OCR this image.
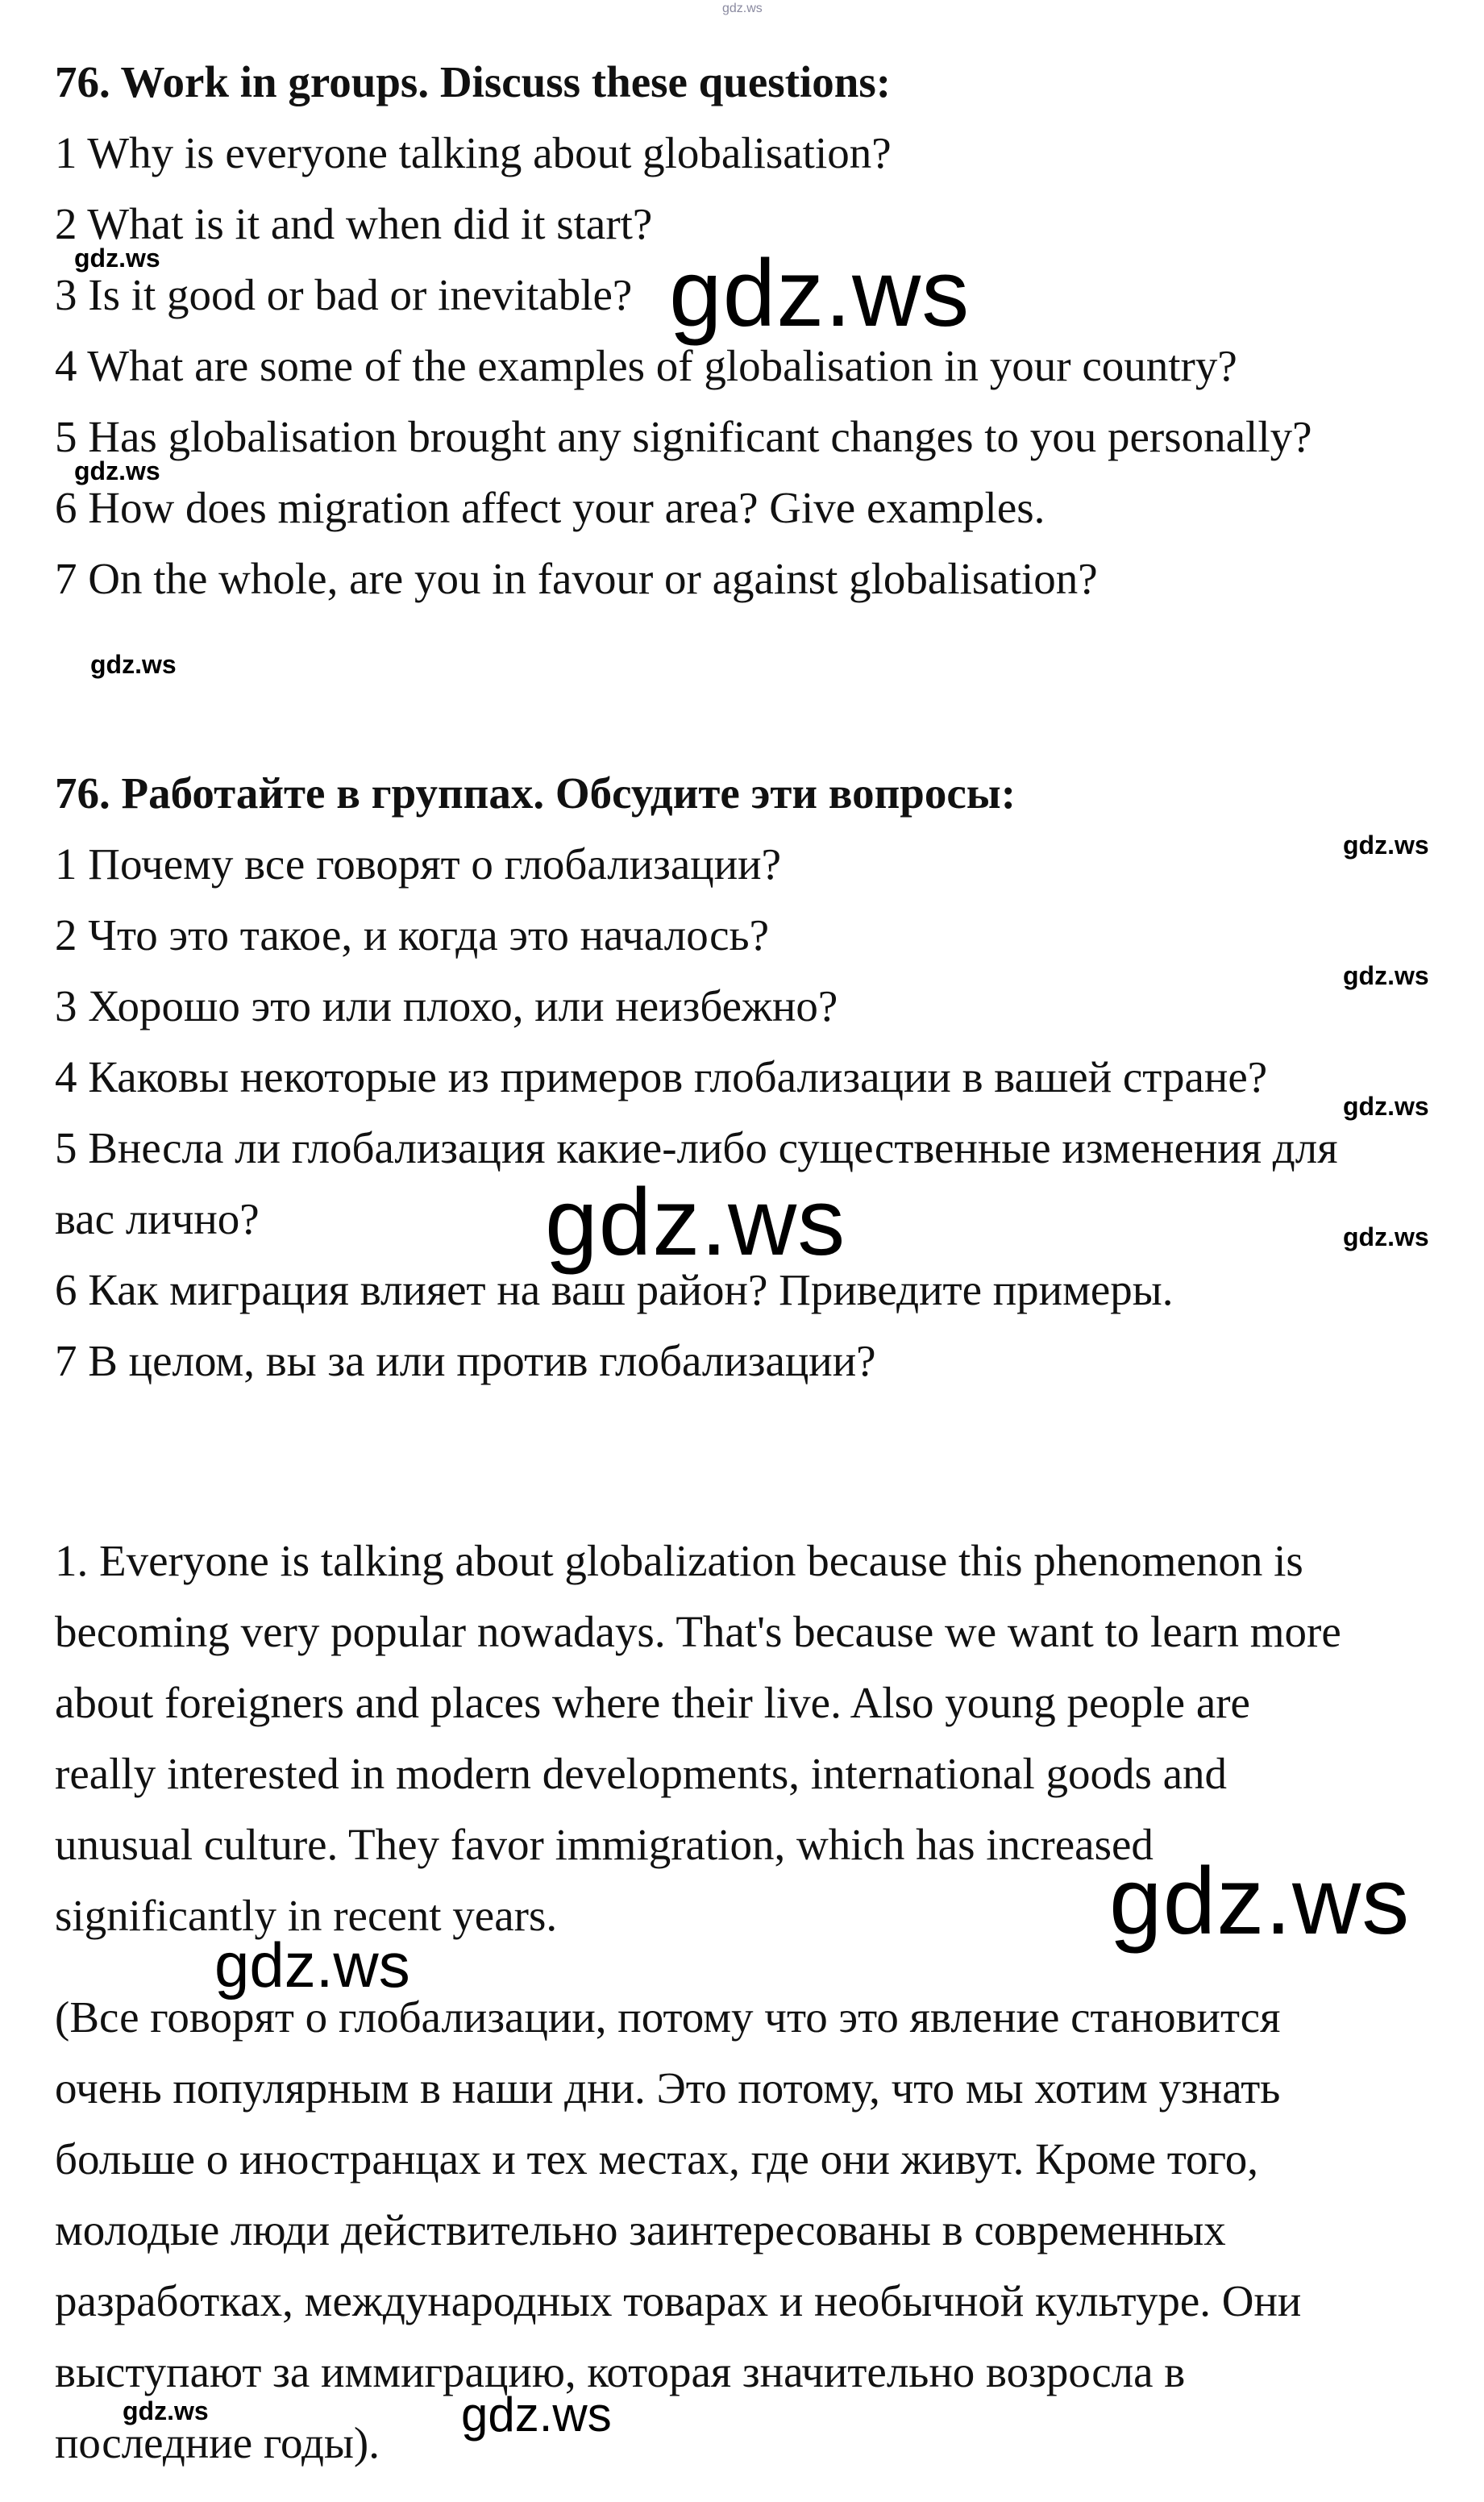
gdz.ws
76. Work in groups. Discuss these questions:
1 Why is everyone talking about globalisation?
2 What is it and when did it start?
3 Is it good or bad or inevitable?
4 What are some of the examples of globalisation in your country?
5 Has globalisation brought any significant changes to you personally?
6 How does migration affect your area? Give examples.
7 On the whole, are you in favour or against globalisation?
76. Работайте в группах. Обсудите эти вопросы:
1 Почему все говорят о глобализации?
2 Что это такое, и когда это началось?
3 Хорошо это или плохо, или неизбежно?
4 Каковы некоторые из примеров глобализации в вашей стране?
5 Внесла ли глобализация какие-либо существенные изменения для
вас лично?
6 Как миграция влияет на ваш район? Приведите примеры.
7 В целом, вы за или против глобализации?
1. Everyone is talking about globalization because this phenomenon is
becoming very popular nowadays. That's because we want to learn more
about foreigners and places where their live. Also young people are
really interested in modern developments, international goods and
unusual culture. They favor immigration, which has increased
significantly in recent years.
(Все говорят о глобализации, потому что это явление становится
очень популярным в наши дни. Это потому, что мы хотим узнать
больше о иностранцах и тех местах, где они живут. Кроме того,
молодые люди действительно заинтересованы в современных
разработках, международных товарах и необычной культуре. Они
выступают за иммиграцию, которая значительно возросла в
последние годы).
gdz.ws	gdz.ws
gdz.ws
gdz.ws
gdz.ws
gdz.ws
gdz.ws
gdz.ws
gdz.ws
gdz.ws
gdz.ws
gdz.ws	gdz.ws
